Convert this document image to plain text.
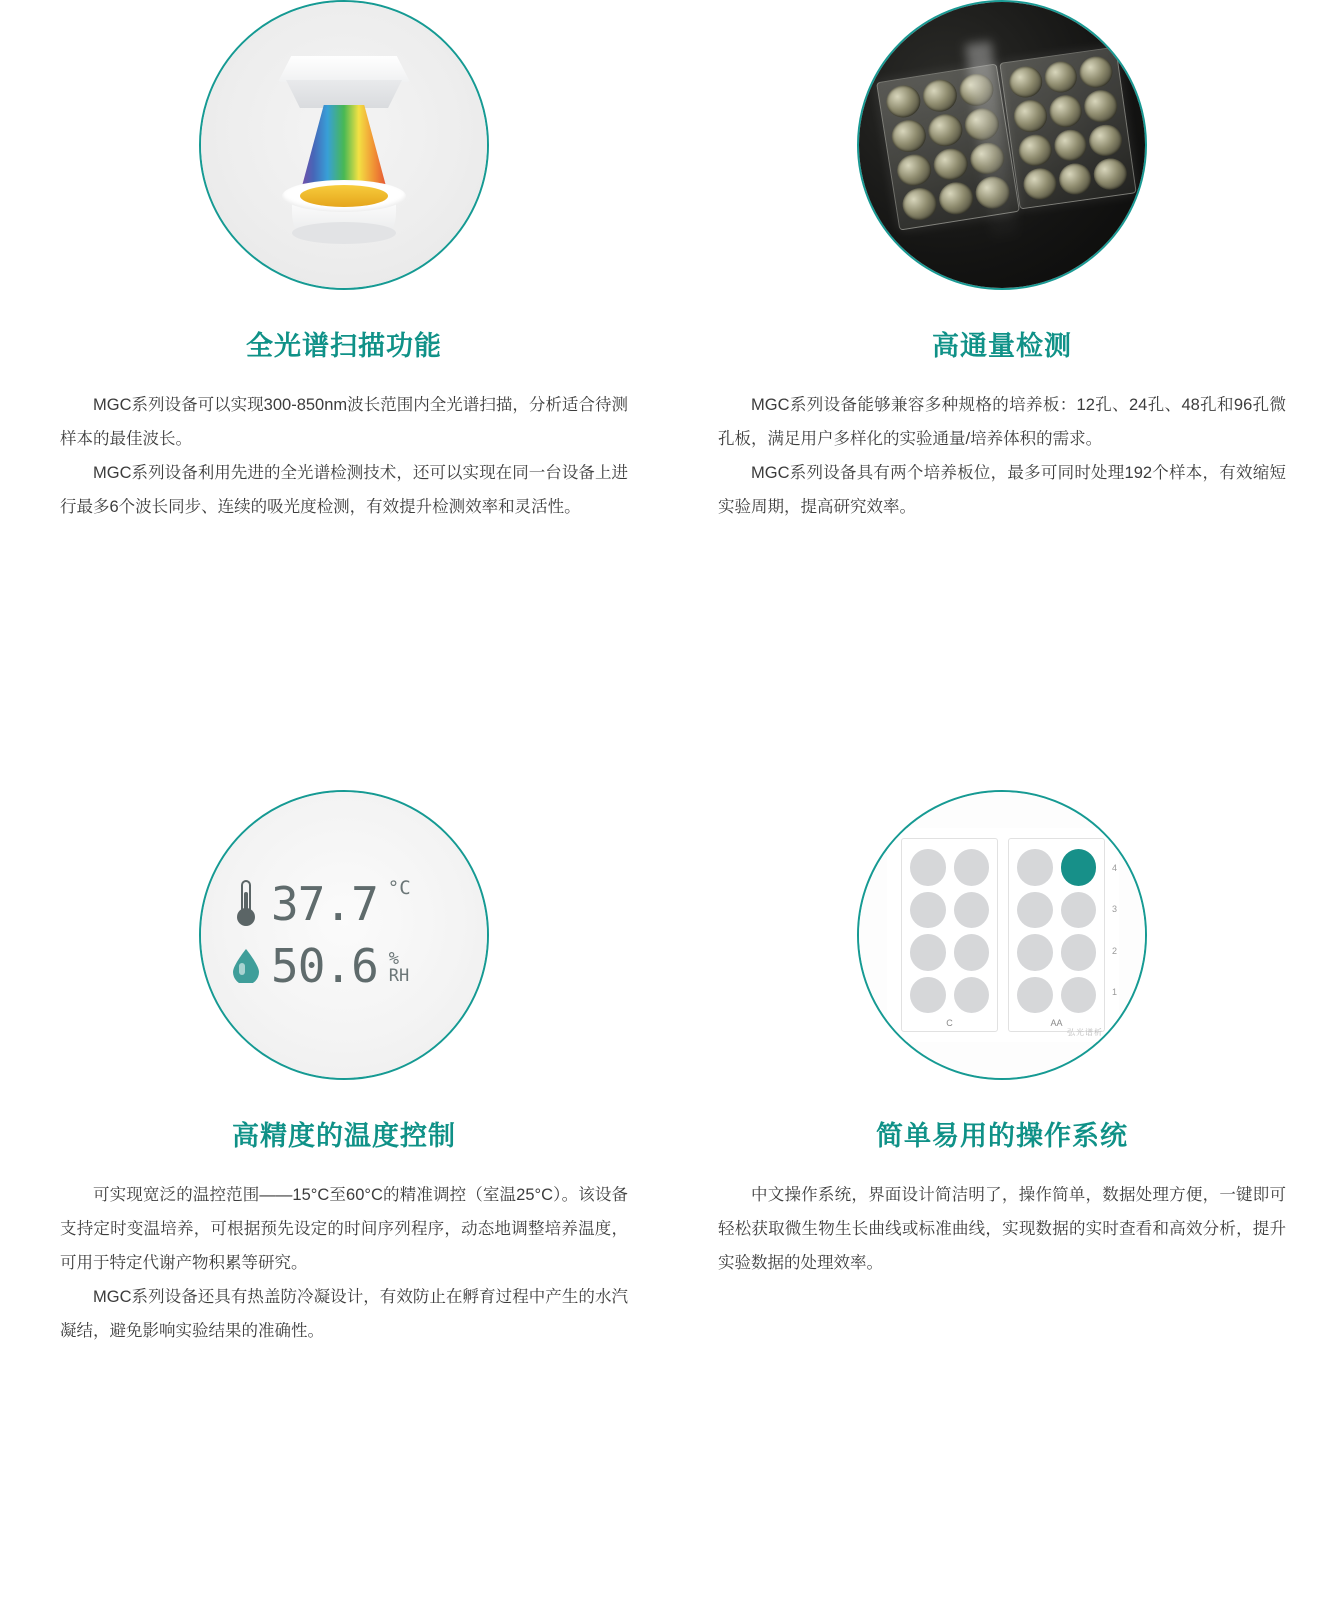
全光谱扫描功能

MGC系列设备可以实现300-850nm波长范围内全光谱扫描，分析适合待测样本的最佳波长。

MGC系列设备利用先进的全光谱检测技术，还可以实现在同一台设备上进行最多6个波长同步、连续的吸光度检测，有效提升检测效率和灵活性。

高通量检测

MGC系列设备能够兼容多种规格的培养板：12孔、24孔、48孔和96孔微孔板，满足用户多样化的实验通量/培养体积的需求。

MGC系列设备具有两个培养板位，最多可同时处理192个样本，有效缩短实验周期，提高研究效率。

37.7 °C
50.6 %
RH
高精度的温度控制

可实现宽泛的温控范围——15°C至60°C的精准调控（室温25°C）。该设备支持定时变温培养，可根据预先设定的时间序列程序，动态地调整培养温度，可用于特定代谢产物积累等研究。

MGC系列设备还具有热盖防冷凝设计，有效防止在孵育过程中产生的水汽凝结，避免影响实验结果的准确性。

C	AA
1
2
3
4
弘光谱析
简单易用的操作系统

中文操作系统，界面设计简洁明了，操作简单，数据处理方便，一键即可轻松获取微生物生长曲线或标准曲线，实现数据的实时查看和高效分析，提升实验数据的处理效率。
